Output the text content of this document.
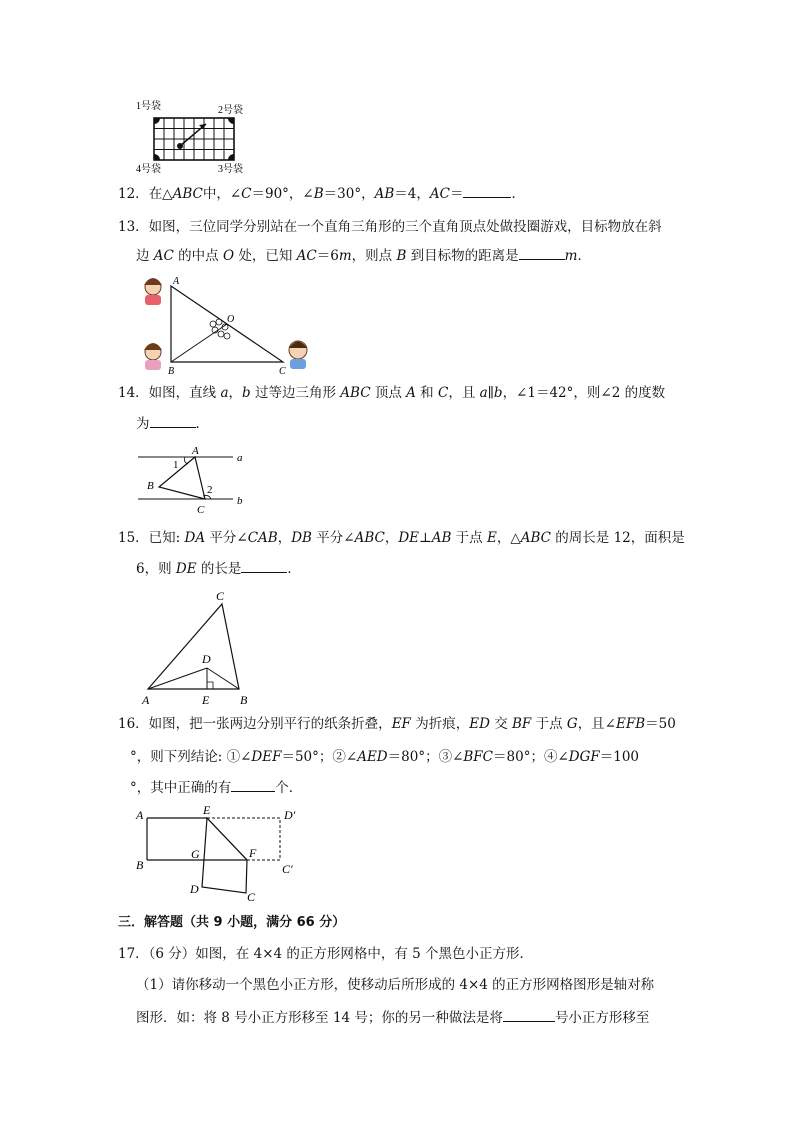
1号袋	2号袋
4号袋	3号袋
12．在△ABC中，∠C＝90°，∠B＝30°，AB＝4，AC＝	．
13．如图，三位同学分别站在一个直角三角形的三个直角顶点处做投圈游戏，目标物放在斜
边 AC 的中点 O 处，已知 AC＝6m，则点 B 到目标物的距离是	m．
A
B	C
O
14．如图，直线 a，b 过等边三角形 ABC 顶点 A 和 C，且 a∥b，∠1＝42°，则∠2 的度数
为	．
A
B
C
a
b
1
2
15．已知: DA 平分∠CAB，DB 平分∠ABC，DE⊥AB 于点 E，△ABC 的周长是 12，面积是
6，则 DE 的长是	．
A	B
C
D
E
16．如图，把一张两边分别平行的纸条折叠，EF 为折痕，ED 交 BF 于点 G，且∠EFB＝50
°，则下列结论: ①∠DEF＝50°；②∠AED＝80°；③∠BFC＝80°；④∠DGF＝100
°，其中正确的有	个．
A	E	D′
B
G	F
C′
D
C
三．解答题（共 9 小题，满分 66 分）
17．（6 分）如图，在 4×4 的正方形网格中，有 5 个黑色小正方形．
（1）请你移动一个黑色小正方形，使移动后所形成的 4×4 的正方形网格图形是轴对称
图形．如：将 8 号小正方形移至 14 号；你的另一种做法是将	号小正方形移至
